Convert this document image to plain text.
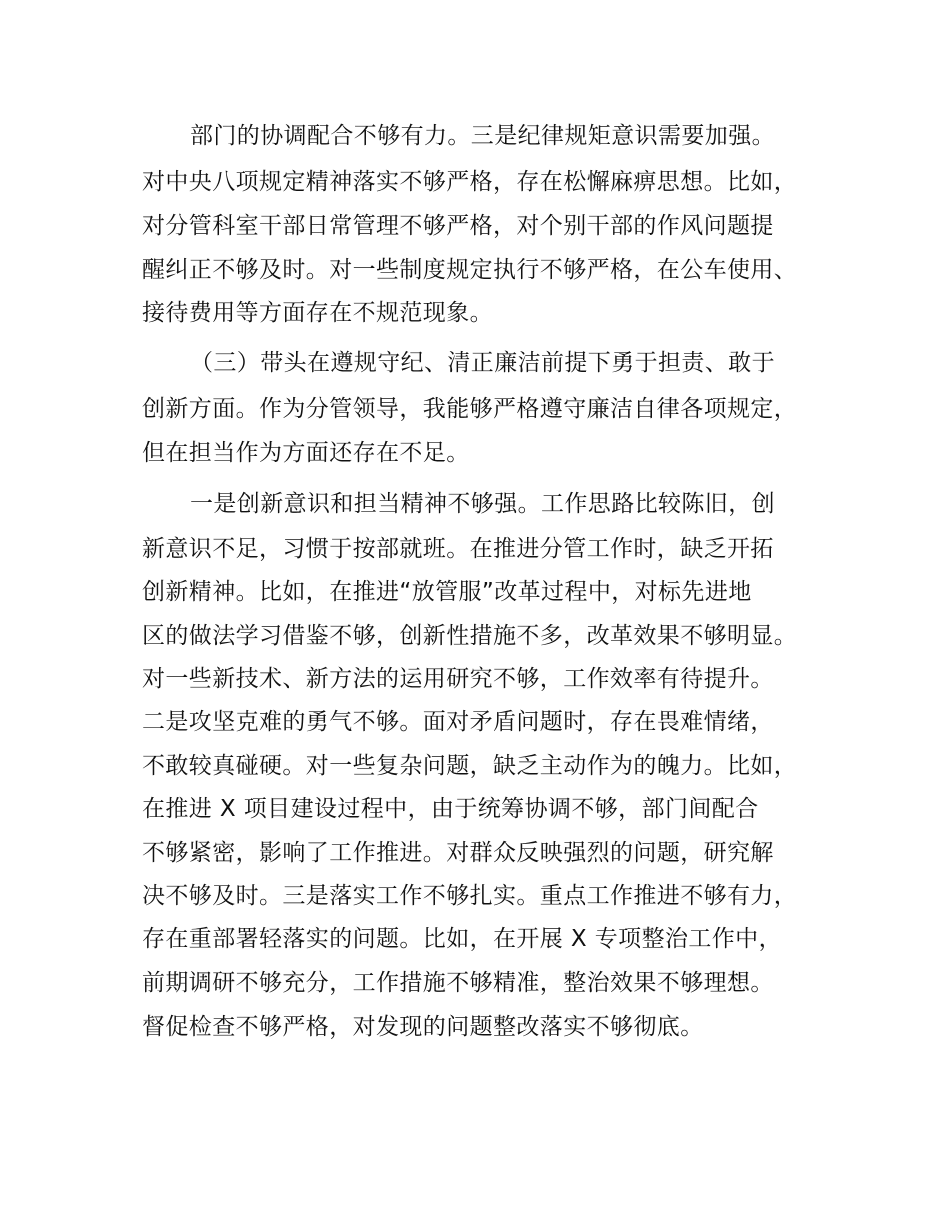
部门的协调配合不够有力。三是纪律规矩意识需要加强。
对中央八项规定精神落实不够严格，存在松懈麻痹思想。比如，
对分管科室干部日常管理不够严格，对个别干部的作风问题提
醒纠正不够及时。对一些制度规定执行不够严格，在公车使用、
接待费用等方面存在不规范现象。
（三）带头在遵规守纪、清正廉洁前提下勇于担责、敢于
创新方面。作为分管领导，我能够严格遵守廉洁自律各项规定，
但在担当作为方面还存在不足。
一是创新意识和担当精神不够强。工作思路比较陈旧，创
新意识不足，习惯于按部就班。在推进分管工作时，缺乏开拓
创新精神。比如，在推进“放管服”改革过程中，对标先进地
区的做法学习借鉴不够，创新性措施不多，改革效果不够明显。
对一些新技术、新方法的运用研究不够，工作效率有待提升。
二是攻坚克难的勇气不够。面对矛盾问题时，存在畏难情绪，
不敢较真碰硬。对一些复杂问题，缺乏主动作为的魄力。比如，
在推进 X 项目建设过程中，由于统筹协调不够，部门间配合
不够紧密，影响了工作推进。对群众反映强烈的问题，研究解
决不够及时。三是落实工作不够扎实。重点工作推进不够有力，
存在重部署轻落实的问题。比如，在开展 X 专项整治工作中，
前期调研不够充分，工作措施不够精准，整治效果不够理想。
督促检查不够严格，对发现的问题整改落实不够彻底。
